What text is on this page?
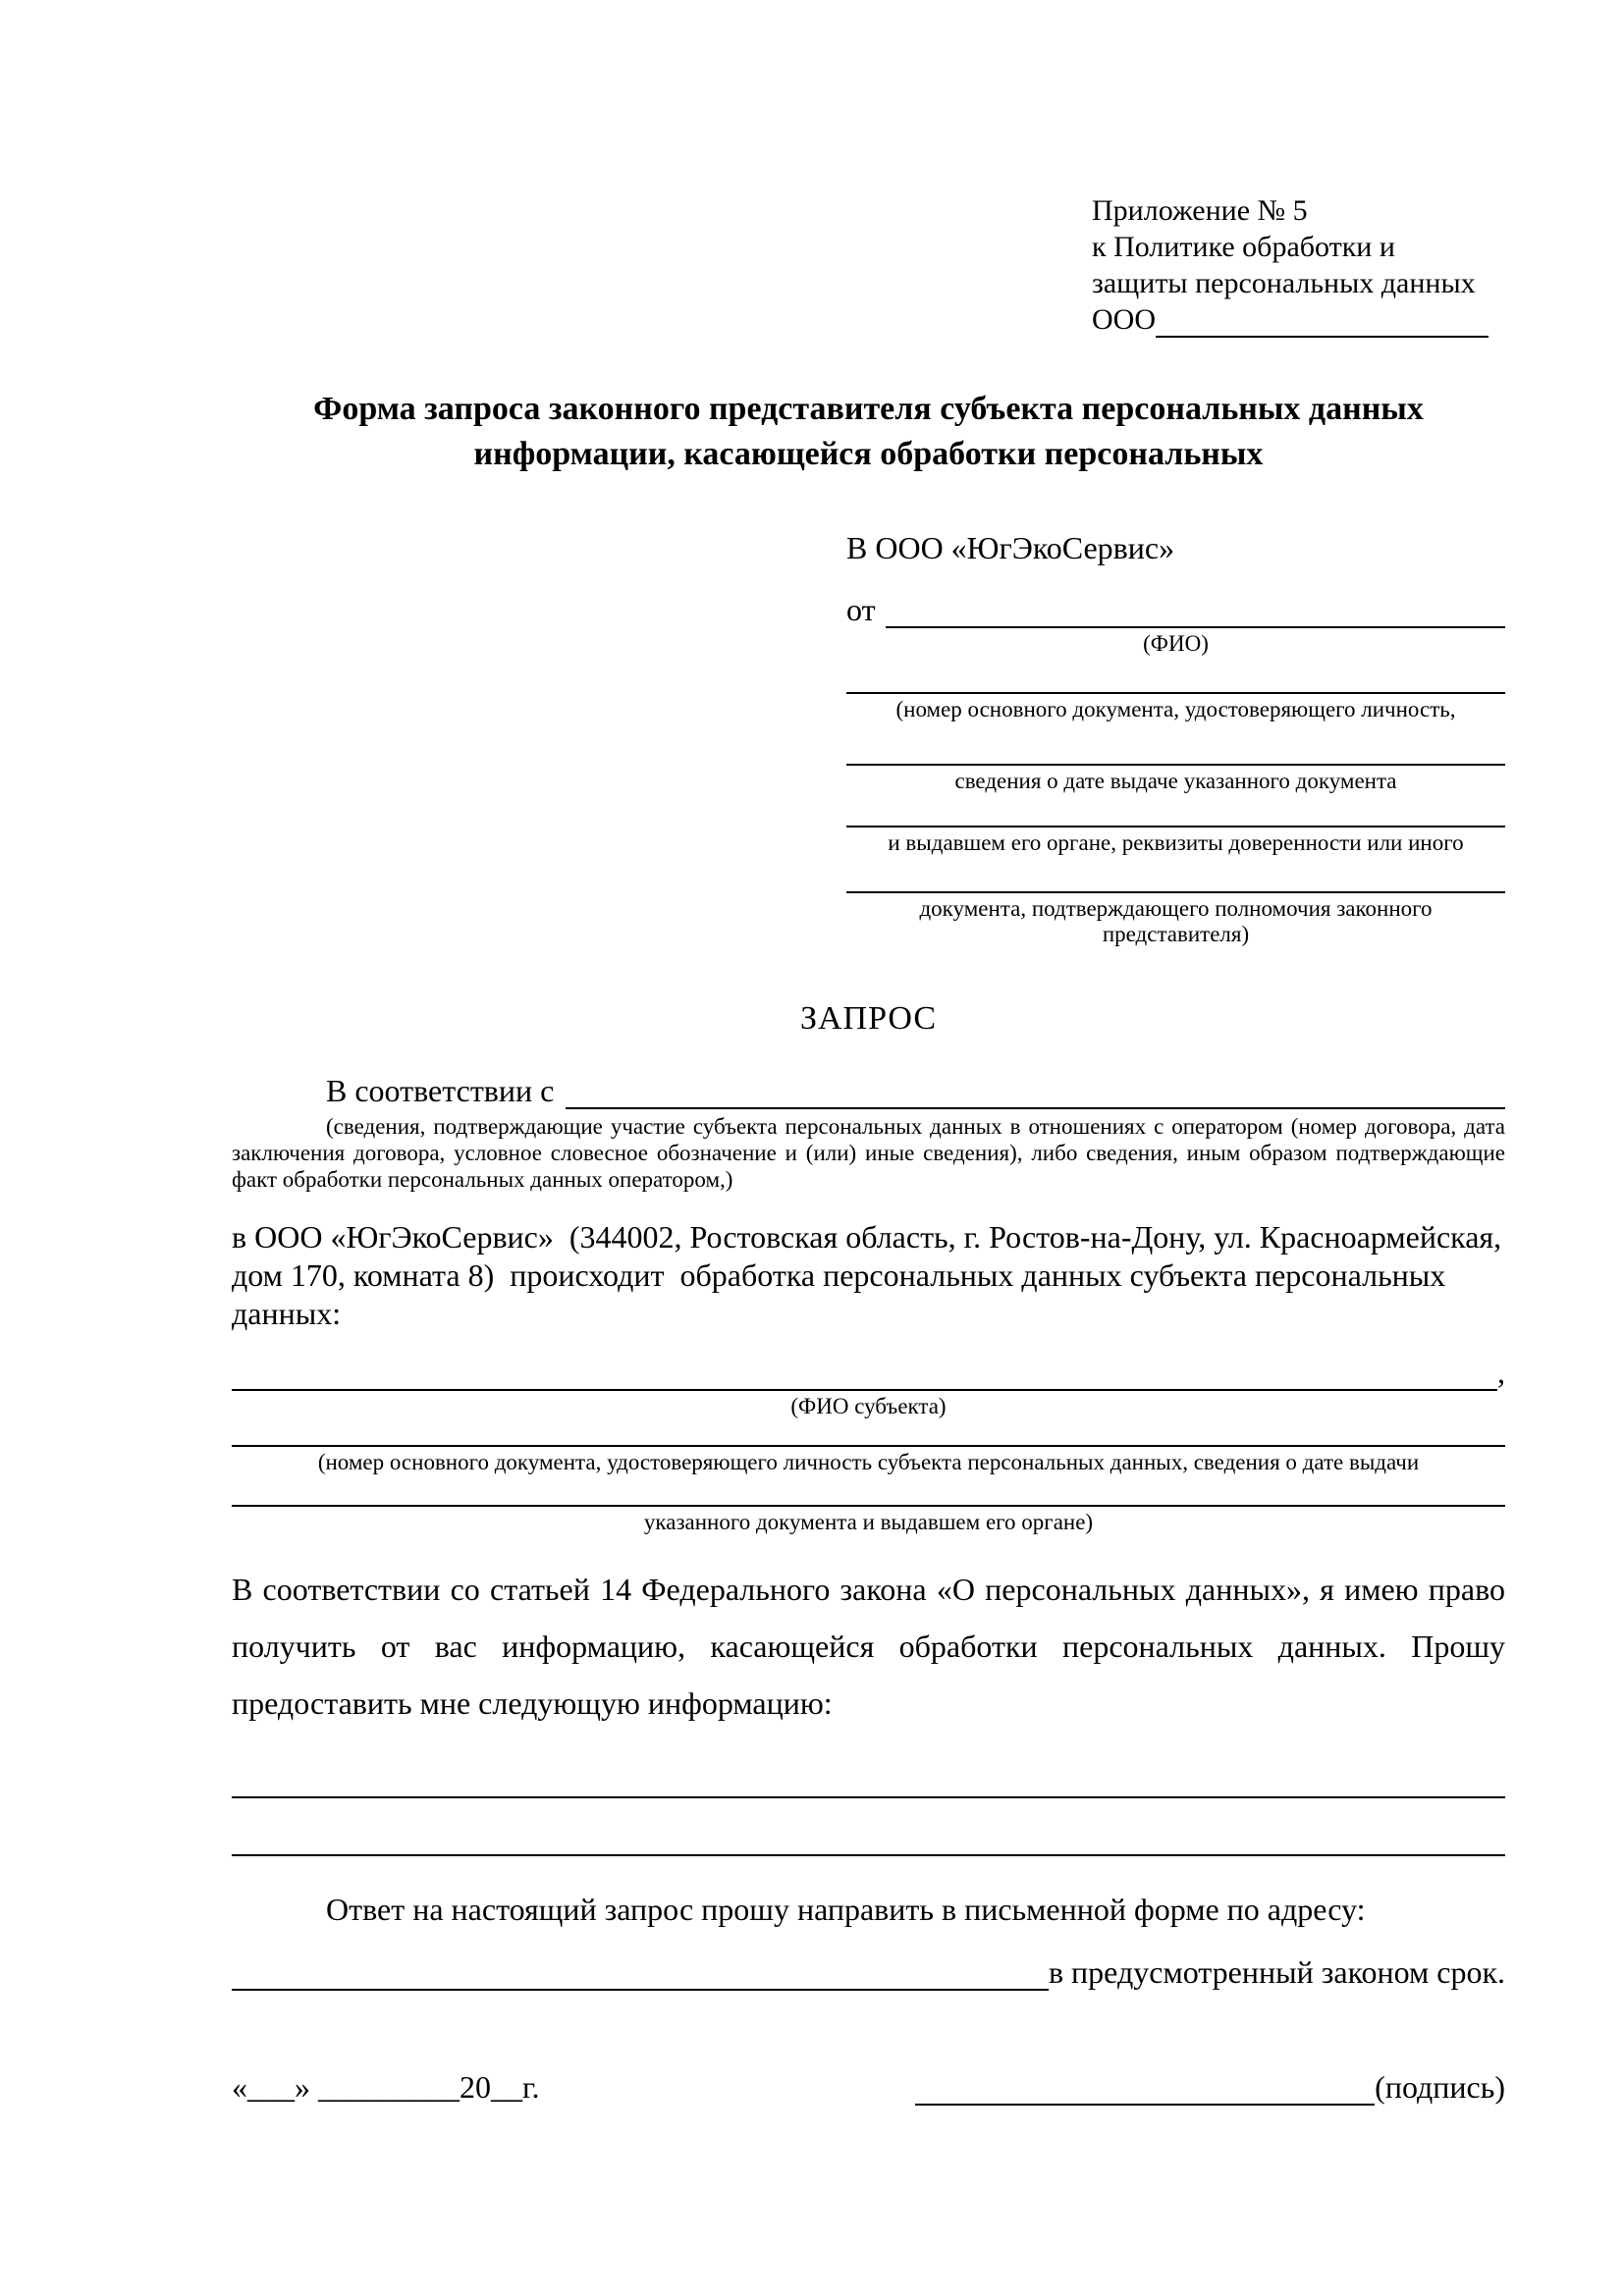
Приложение № 5
к Политике обработки и
защиты персональных данных
ООО
Форма запроса законного представителя субъекта персональных данных информации, касающейся обработки персональных
В ООО «ЮгЭкоСервис»
от
(ФИО)
(номер основного документа, удостоверяющего личность,
сведения о дате выдаче указанного документа
и выдавшем его органе, реквизиты доверенности или иного
документа, подтверждающего полномочия законного представителя)
ЗАПРОС
В соответствии с
(сведения, подтверждающие участие субъекта персональных данных в отношениях с оператором (номер договора, дата заключения договора, условное словесное обозначение и (или) иные сведения), либо сведения, иным образом подтверждающие факт обработки персональных данных оператором,)
в ООО «ЮгЭкоСервис»  (344002, Ростовская область, г. Ростов-на-Дону, ул. Красноармейская, дом 170, комната 8)  происходит  обработка персональных данных субъекта персональных данных:
,
(ФИО субъекта)
(номер основного документа, удостоверяющего личность субъекта персональных данных, сведения о дате выдачи
указанного документа и выдавшем его органе)
В соответствии со статьей 14 Федерального закона «О персональных данных», я имею право получить от вас информацию, касающейся обработки персональных данных. Прошу предоставить мне следующую информацию:
Ответ на настоящий запрос прошу направить в письменной форме по адресу:
в предусмотренный законом срок.
«___» _________20__г.	(подпись)
